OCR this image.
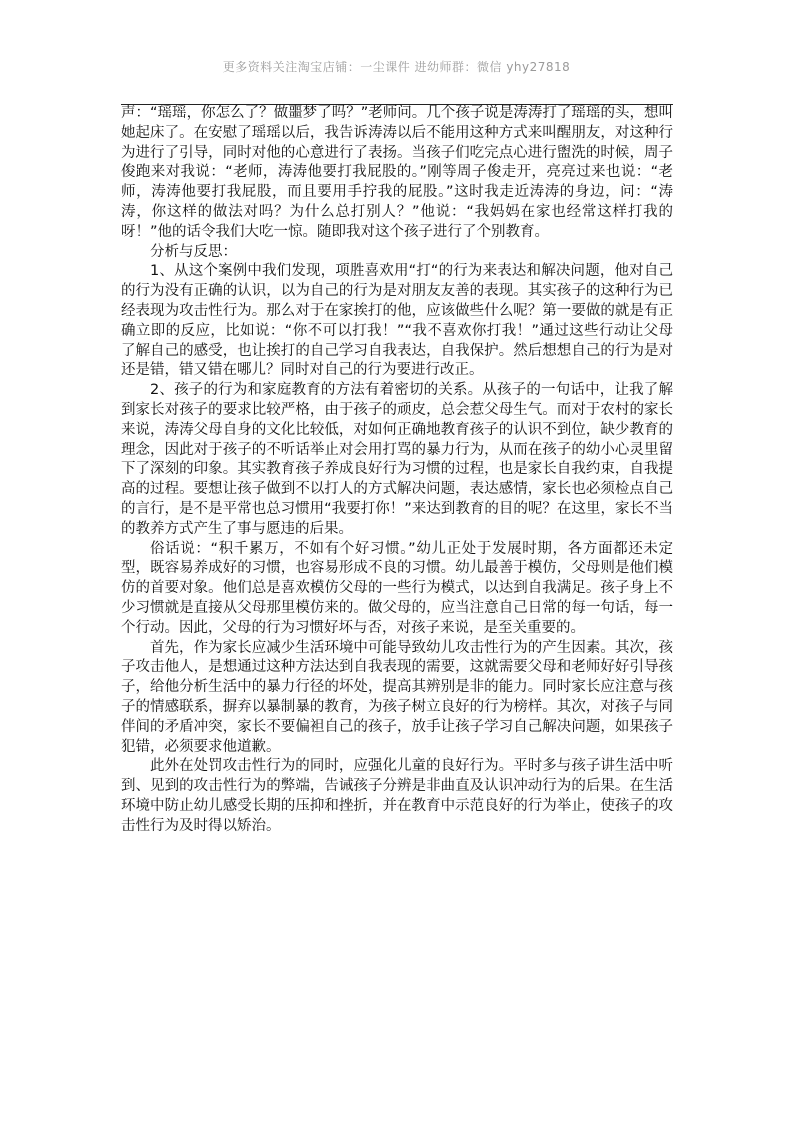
更多资料关注淘宝店铺：一尘课件 进幼师群：微信 yhy27818

声：“瑶瑶，你怎么了？做噩梦了吗？”老师问。几个孩子说是涛涛打了瑶瑶的头，想叫她起床了。在安慰了瑶瑶以后，我告诉涛涛以后不能用这种方式来叫醒朋友，对这种行为进行了引导，同时对他的心意进行了表扬。当孩子们吃完点心进行盥洗的时候，周子俊跑来对我说：“老师，涛涛他要打我屁股的。”刚等周子俊走开，亮亮过来也说：“老师，涛涛他要打我屁股，而且要用手拧我的屁股。”这时我走近涛涛的身边，问：“涛涛，你这样的做法对吗？为什么总打别人？”他说：“我妈妈在家也经常这样打我的呀！”他的话令我们大吃一惊。随即我对这个孩子进行了个别教育。

分析与反思：

1、从这个案例中我们发现，项胜喜欢用“打“的行为来表达和解决问题，他对自己的行为没有正确的认识，以为自己的行为是对朋友友善的表现。其实孩子的这种行为已经表现为攻击性行为。那么对于在家挨打的他，应该做些什么呢？第一要做的就是有正确立即的反应，比如说：“你不可以打我！”“我不喜欢你打我！”通过这些行动让父母了解自己的感受，也让挨打的自己学习自我表达，自我保护。然后想想自己的行为是对还是错，错又错在哪儿？同时对自己的行为要进行改正。

2、孩子的行为和家庭教育的方法有着密切的关系。从孩子的一句话中，让我了解到家长对孩子的要求比较严格，由于孩子的顽皮，总会惹父母生气。而对于农村的家长来说，涛涛父母自身的文化比较低，对如何正确地教育孩子的认识不到位，缺少教育的理念，因此对于孩子的不听话举止对会用打骂的暴力行为，从而在孩子的幼小心灵里留下了深刻的印象。其实教育孩子养成良好行为习惯的过程，也是家长自我约束，自我提高的过程。要想让孩子做到不以打人的方式解决问题，表达感情，家长也必须检点自己的言行，是不是平常也总习惯用“我要打你！”来达到教育的目的呢？在这里，家长不当的教养方式产生了事与愿违的后果。

俗话说：“积千累万，不如有个好习惯。”幼儿正处于发展时期，各方面都还未定型，既容易养成好的习惯，也容易形成不良的习惯。幼儿最善于模仿，父母则是他们模仿的首要对象。他们总是喜欢模仿父母的一些行为模式，以达到自我满足。孩子身上不少习惯就是直接从父母那里模仿来的。做父母的，应当注意自己日常的每一句话，每一个行动。因此，父母的行为习惯好坏与否，对孩子来说，是至关重要的。

首先，作为家长应减少生活环境中可能导致幼儿攻击性行为的产生因素。其次，孩子攻击他人，是想通过这种方法达到自我表现的需要，这就需要父母和老师好好引导孩子，给他分析生活中的暴力行径的坏处，提高其辨别是非的能力。同时家长应注意与孩子的情感联系，摒弃以暴制暴的教育，为孩子树立良好的行为榜样。其次，对孩子与同伴间的矛盾冲突，家长不要偏袒自己的孩子，放手让孩子学习自己解决问题，如果孩子犯错，必须要求他道歉。

此外在处罚攻击性行为的同时，应强化儿童的良好行为。平时多与孩子讲生活中听到、见到的攻击性行为的弊端，告诫孩子分辨是非曲直及认识冲动行为的后果。在生活环境中防止幼儿感受长期的压抑和挫折，并在教育中示范良好的行为举止，使孩子的攻击性行为及时得以矫治。
